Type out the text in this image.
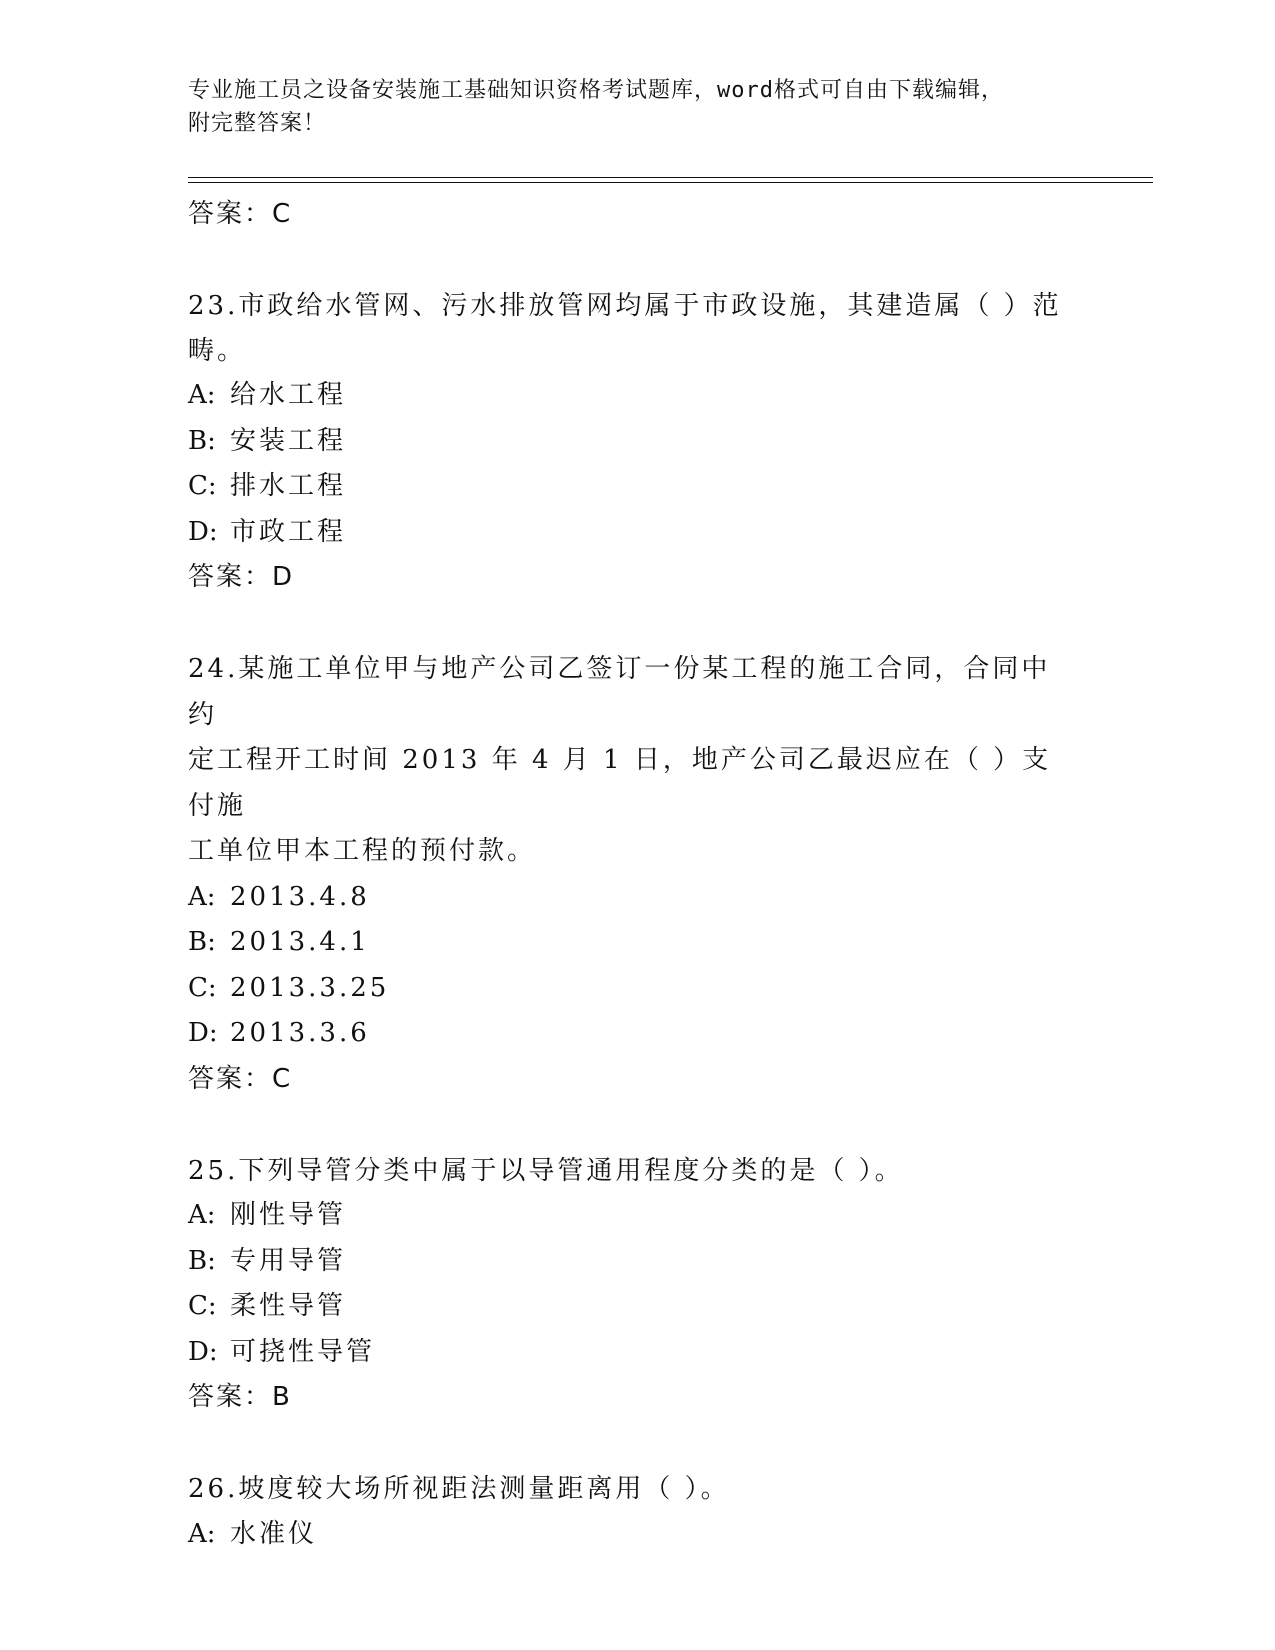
专业施工员之设备安装施工基础知识资格考试题库，word格式可自由下载编辑，
附完整答案！
答案：C
23.市政给水管网、污水排放管网均属于市政设施，其建造属（ ）范
畴。
A: 给水工程
B: 安装工程
C: 排水工程
D: 市政工程
答案：D
24.某施工单位甲与地产公司乙签订一份某工程的施工合同，合同中约
定工程开工时间 2013 年 4 月 1 日，地产公司乙最迟应在（ ）支付施
工单位甲本工程的预付款。
A: 2013.4.8
B: 2013.4.1
C: 2013.3.25
D: 2013.3.6
答案：C
25.下列导管分类中属于以导管通用程度分类的是（ ）。
A: 刚性导管
B: 专用导管
C: 柔性导管
D: 可挠性导管
答案：B
26.坡度较大场所视距法测量距离用（ ）。
A: 水准仪
